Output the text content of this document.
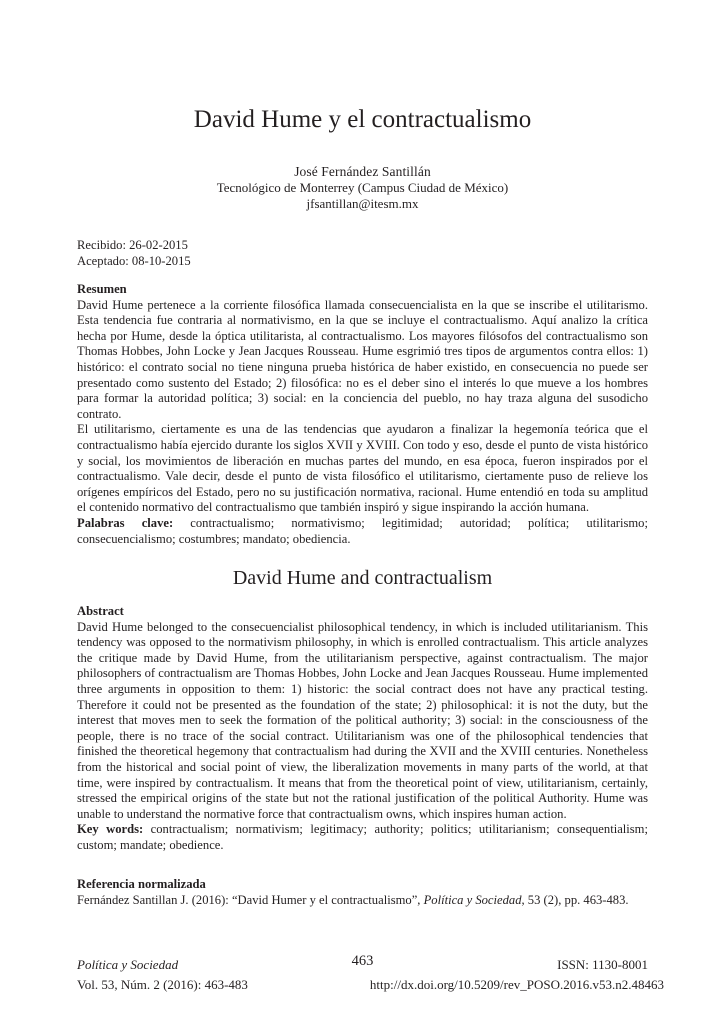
David Hume y el contractualismo
José Fernández Santillán
Tecnológico de Monterrey (Campus Ciudad de México)
jfsantillan@itesm.mx
Recibido: 26-02-2015
Aceptado: 08-10-2015
Resumen

David Hume pertenece a la corriente filosófica llamada consecuencialista en la que se inscribe el utilitarismo. Esta tendencia fue contraria al normativismo, en la que se incluye el contractualismo. Aquí analizo la crítica hecha por Hume, desde la óptica utilitarista, al contractualismo. Los mayores filósofos del contractualismo son Thomas Hobbes, John Locke y Jean Jacques Rousseau. Hume esgrimió tres tipos de argumentos contra ellos: 1) histórico: el contrato social no tiene ninguna prueba histórica de haber existido, en consecuencia no puede ser presentado como sustento del Estado; 2) filosófica: no es el deber sino el interés lo que mueve a los hombres para formar la autoridad política; 3) social: en la conciencia del pueblo, no hay traza alguna del susodicho contrato.

El utilitarismo, ciertamente es una de las tendencias que ayudaron a finalizar la hegemonía teórica que el contractualismo había ejercido durante los siglos XVII y XVIII. Con todo y eso, desde el punto de vista histórico y social, los movimientos de liberación en muchas partes del mundo, en esa época, fueron inspirados por el contractualismo. Vale decir, desde el punto de vista filosófico el utilitarismo, ciertamente puso de relieve los orígenes empíricos del Estado, pero no su justificación normativa, racional. Hume entendió en toda su amplitud el contenido normativo del contractualismo que también inspiró y sigue inspirando la acción humana.

Palabras clave: contractualismo; normativismo; legitimidad; autoridad; política; utilitarismo; consecuencialismo; costumbres; mandato; obediencia.

David Hume and contractualism
Abstract

David Hume belonged to the consecuencialist philosophical tendency, in which is included utilitarianism. This tendency was opposed to the normativism philosophy, in which is enrolled contractualism. This article analyzes the critique made by David Hume, from the utilitarianism perspective, against contractualism. The major philosophers of contractualism are Thomas Hobbes, John Locke and Jean Jacques Rousseau. Hume implemented three arguments in opposition to them: 1) historic: the social contract does not have any practical testing. Therefore it could not be presented as the foundation of the state; 2) philosophical: it is not the duty, but the interest that moves men to seek the formation of the political authority; 3) social: in the consciousness of the people, there is no trace of the social contract. Utilitarianism was one of the philosophical tendencies that finished the theoretical hegemony that contractualism had during the XVII and the XVIII centuries. Nonetheless from the historical and social point of view, the liberalization movements in many parts of the world, at that time, were inspired by contractualism. It means that from the theoretical point of view, utilitarianism, certainly, stressed the empirical origins of the state but not the rational justification of the political Authority. Hume was unable to understand the normative force that contractualism owns, which inspires human action.

Key words: contractualism; normativism; legitimacy; authority; politics; utilitarianism; consequentialism; custom; mandate; obedience.

Referencia normalizada

Fernández Santillan J. (2016): “David Humer y el contractualismo”, Política y Sociedad, 53 (2), pp. 463-483.

Política y Sociedad
Vol. 53, Núm. 2 (2016): 463-483
463	ISSN: 1130-8001
http://dx.doi.org/10.5209/rev_POSO.2016.v53.n2.48463
